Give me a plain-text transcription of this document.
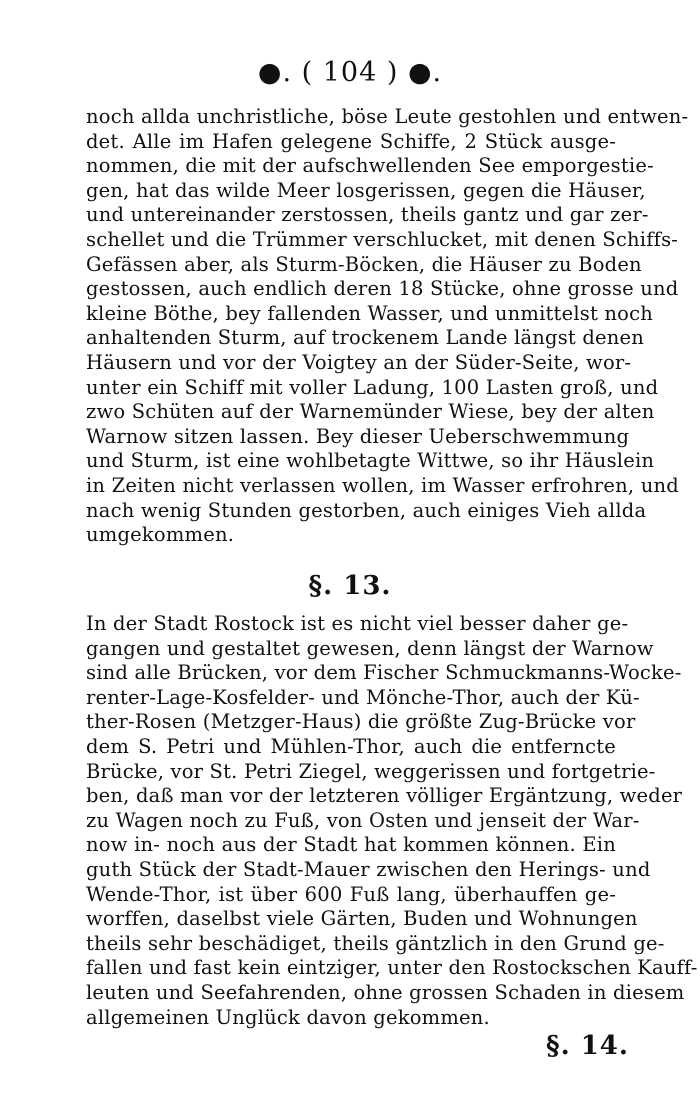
●. ( 104 ) ●.
noch allda unchristliche, böse Leute gestohlen und entwen-
det. Alle im Hafen gelegene Schiffe, 2 Stück ausge-
nommen, die mit der aufschwellenden See emporgestie-
gen, hat das wilde Meer losgerissen, gegen die Häuser,
und untereinander zerstossen, theils gantz und gar zer-
schellet und die Trümmer verschlucket, mit denen Schiffs-
Gefässen aber, als Sturm-Böcken, die Häuser zu Boden
gestossen, auch endlich deren 18 Stücke, ohne grosse und
kleine Böthe, bey fallenden Wasser, und unmittelst noch
anhaltenden Sturm, auf trockenem Lande längst denen
Häusern und vor der Voigtey an der Süder-Seite, wor-
unter ein Schiff mit voller Ladung, 100 Lasten groß, und
zwo Schüten auf der Warnemünder Wiese, bey der alten
Warnow sitzen lassen. Bey dieser Ueberschwemmung
und Sturm, ist eine wohlbetagte Wittwe, so ihr Häuslein
in Zeiten nicht verlassen wollen, im Wasser erfrohren, und
nach wenig Stunden gestorben, auch einiges Vieh allda
umgekommen.
§. 13.
In der Stadt Rostock ist es nicht viel besser daher ge-
gangen und gestaltet gewesen, denn längst der Warnow
sind alle Brücken, vor dem Fischer Schmuckmanns-Wocke-
renter-Lage-Kosfelder- und Mönche-Thor, auch der Kü-
ther-Rosen (Metzger-Haus) die größte Zug-Brücke vor
dem S. Petri und Mühlen-Thor, auch die entferncte
Brücke, vor St. Petri Ziegel, weggerissen und fortgetrie-
ben, daß man vor der letzteren völliger Ergäntzung, weder
zu Wagen noch zu Fuß, von Osten und jenseit der War-
now in- noch aus der Stadt hat kommen können. Ein
guth Stück der Stadt-Mauer zwischen den Herings- und
Wende-Thor, ist über 600 Fuß lang, überhauffen ge-
worffen, daselbst viele Gärten, Buden und Wohnungen
theils sehr beschädiget, theils gäntzlich in den Grund ge-
fallen und fast kein eintziger, unter den Rostockschen Kauff-
leuten und Seefahrenden, ohne grossen Schaden in diesem
allgemeinen Unglück davon gekommen.
§. 14.
